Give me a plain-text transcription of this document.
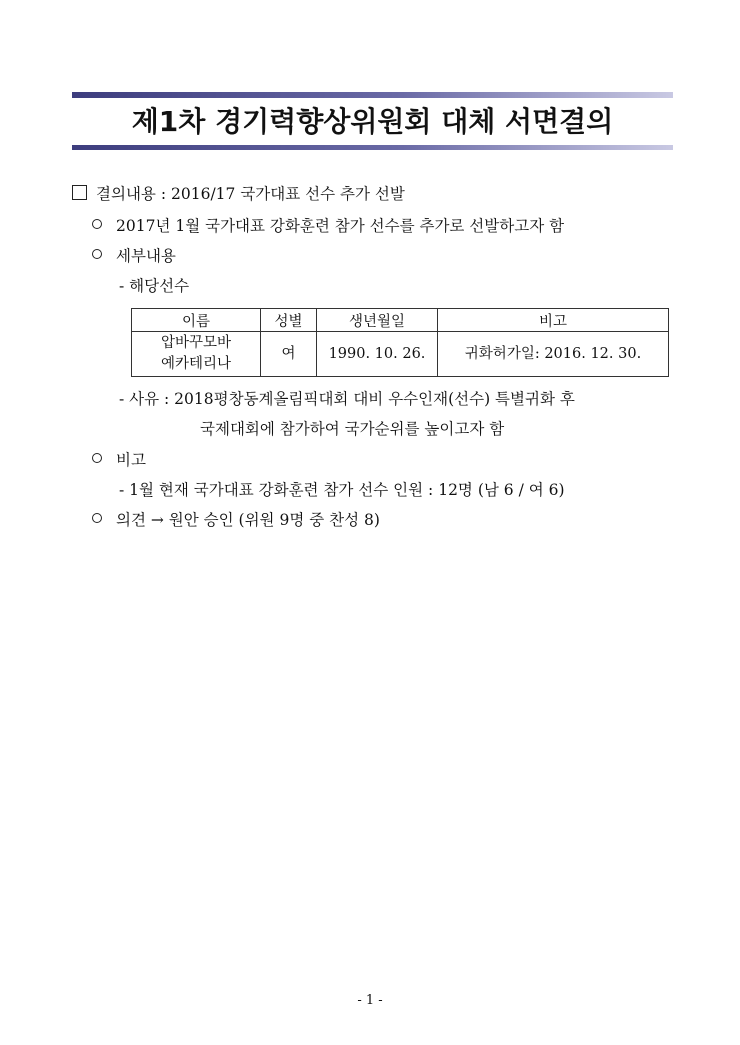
제1차 경기력향상위원회 대체 서면결의
결의내용 : 2016/17 국가대표 선수 추가 선발
2017년 1월 국가대표 강화훈련 참가 선수를 추가로 선발하고자 함
세부내용
- 해당선수
이름	성별	생년월일	비고

압바꾸모바
예카테리나	여	1990. 10. 26.	귀화허가일: 2016. 12. 30.
- 사유 : 2018평창동계올림픽대회 대비 우수인재(선수) 특별귀화 후
국제대회에 참가하여 국가순위를 높이고자 함
비고
- 1월 현재 국가대표 강화훈련 참가 선수 인원 : 12명 (남 6 / 여 6)
의견 → 원안 승인 (위원 9명 중 찬성 8)
- 1 -
